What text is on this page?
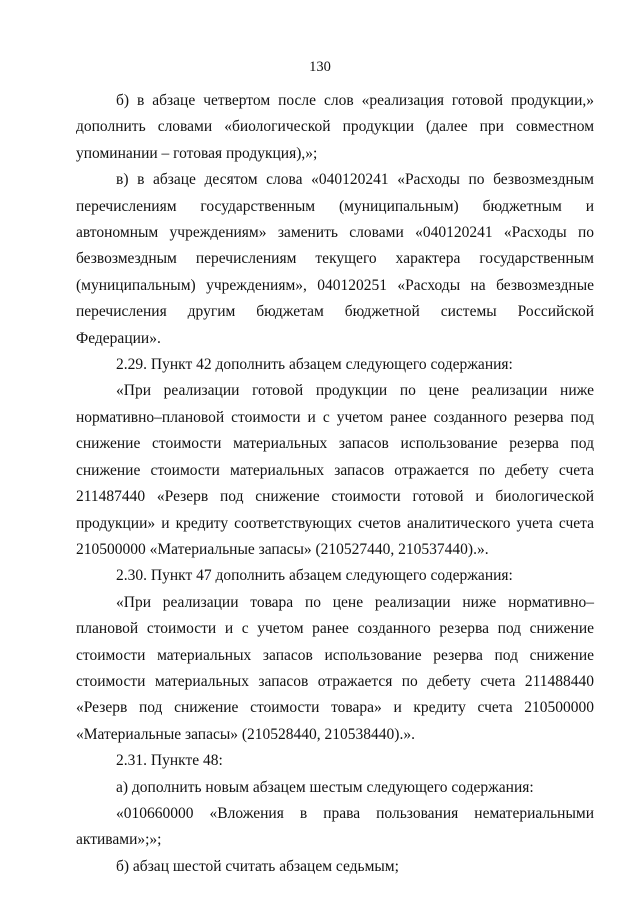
130

б) в абзаце четвертом после слов «реализация готовой продукции,» дополнить словами «биологической продукции (далее при совместном упоминании – готовая продукция),»;

в) в абзаце десятом слова «040120241 «Расходы по безвозмездным перечислениям государственным (муниципальным) бюджетным и автономным учреждениям» заменить словами «040120241 «Расходы по безвозмездным перечислениям текущего характера государственным (муниципальным) учреждениям», 040120251 «Расходы на безвозмездные перечисления другим бюджетам бюджетной системы Российской Федерации».

2.29. Пункт 42 дополнить абзацем следующего содержания:

«При реализации готовой продукции по цене реализации ниже нормативно–плановой стоимости и с учетом ранее созданного резерва под снижение стоимости материальных запасов использование резерва под снижение стоимости материальных запасов отражается по дебету счета 211487440 «Резерв под снижение стоимости готовой и биологической продукции» и кредиту соответствующих счетов аналитического учета счета 210500000 «Материальные запасы» (210527440, 210537440).».

2.30. Пункт 47 дополнить абзацем следующего содержания:

«При реализации товара по цене реализации ниже нормативно–плановой стоимости и с учетом ранее созданного резерва под снижение стоимости материальных запасов использование резерва под снижение стоимости материальных запасов отражается по дебету счета 211488440 «Резерв под снижение стоимости товара» и кредиту счета 210500000 «Материальные запасы» (210528440, 210538440).».

2.31. Пункте 48:

а) дополнить новым абзацем шестым следующего содержания:

«010660000 «Вложения в права пользования нематериальными активами»;»;

б) абзац шестой считать абзацем седьмым;
